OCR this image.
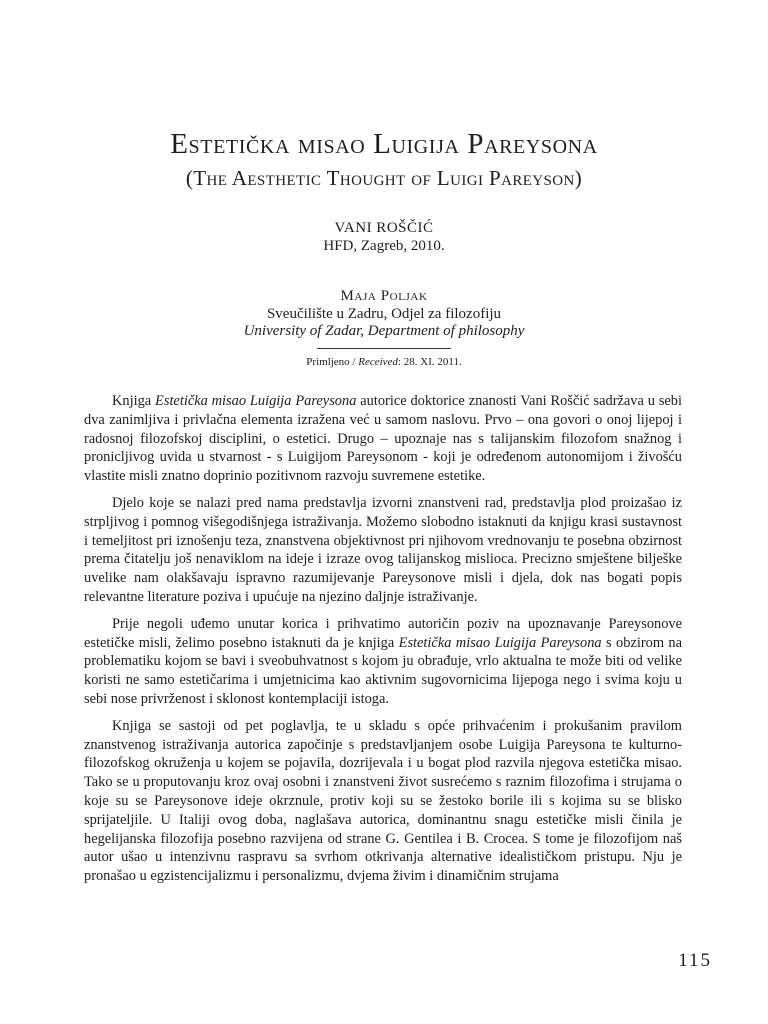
Estetička misao Luigija Pareysona
(The Aesthetic Thought of Luigi Pareyson)
VANI ROŠČIĆ
HFD, Zagreb, 2010.
Maja Poljak
Sveučilište u Zadru, Odjel za filozofiju
University of Zadar, Department of philosophy
Primljeno / Received: 28. XI. 2011.

Knjiga Estetička misao Luigija Pareysona autorice doktorice znanosti Vani Roščić sadržava u sebi dva zanimljiva i privlačna elementa izražena već u samom naslovu. Prvo – ona govori o onoj lijepoj i radosnoj filozofskoj disciplini, o estetici. Drugo – upoznaje nas s talijanskim filozofom snažnog i proniclјivog uvida u stvarnost - s Luigijom Pareysonom - koji je određenom autonomijom i živošću vlastite misli znatno doprinio pozitivnom razvoju suvremene estetike.

Djelo koje se nalazi pred nama predstavlja izvorni znanstveni rad, predstavlja plod proizašao iz strpljivog i pomnog višegodišnjega istraživanja. Možemo slobodno istaknuti da knjigu krasi sustavnost i temeljitost pri iznošenju teza, znanstvena objektivnost pri njihovom vrednovanju te posebna obzirnost prema čitatelju još nenaviklom na ideje i izraze ovog talijanskog mislioca. Precizno smještene bilješke uvelike nam olakšavaju ispravno razumijevanje Pareysonove misli i djela, dok nas bogati popis relevantne literature poziva i upućuje na njezino daljnje istraživanje.

Prije negoli uđemo unutar korica i prihvatimo autoričin poziv na upoznavanje Pareysonove estetičke misli, želimo posebno istaknuti da je knjiga Estetička misao Luigija Pareysona s obzirom na problematiku kojom se bavi i sveobuhvatnost s kojom ju obrađuje, vrlo aktualna te može biti od velike koristi ne samo estetičarima i umjetnicima kao aktivnim sugovornicima lijepoga nego i svima koju u sebi nose privrženost i sklonost kontemplaciji istoga.

Knjiga se sastoji od pet poglavlja, te u skladu s opće prihvaćenim i prokušanim pravilom znanstvenog istraživanja autorica započinje s predstavljanjem osobe Luigija Pareysona te kulturno-filozofskog okruženja u kojem se pojavila, dozrijevala i u bogat plod razvila njegova estetička misao. Tako se u proputovanju kroz ovaj osobni i znanstveni život susrećemo s raznim filozofima i strujama o koje su se Pareysonove ideje okrznule, protiv koji su se žestoko borile ili s kojima su se blisko sprijateljile. U Italiji ovog doba, naglašava autorica, dominantnu snagu estetičke misli činila je hegelijanska filozofija posebno razvijena od strane G. Gentilea i B. Crocea. S tome je filozofijom naš autor ušao u intenzivnu raspravu sa svrhom otkrivanja alternative idealističkom pristupu. Nju je pronašao u egzistencijalizmu i personalizmu, dvjema živim i dinamičnim strujama

115
